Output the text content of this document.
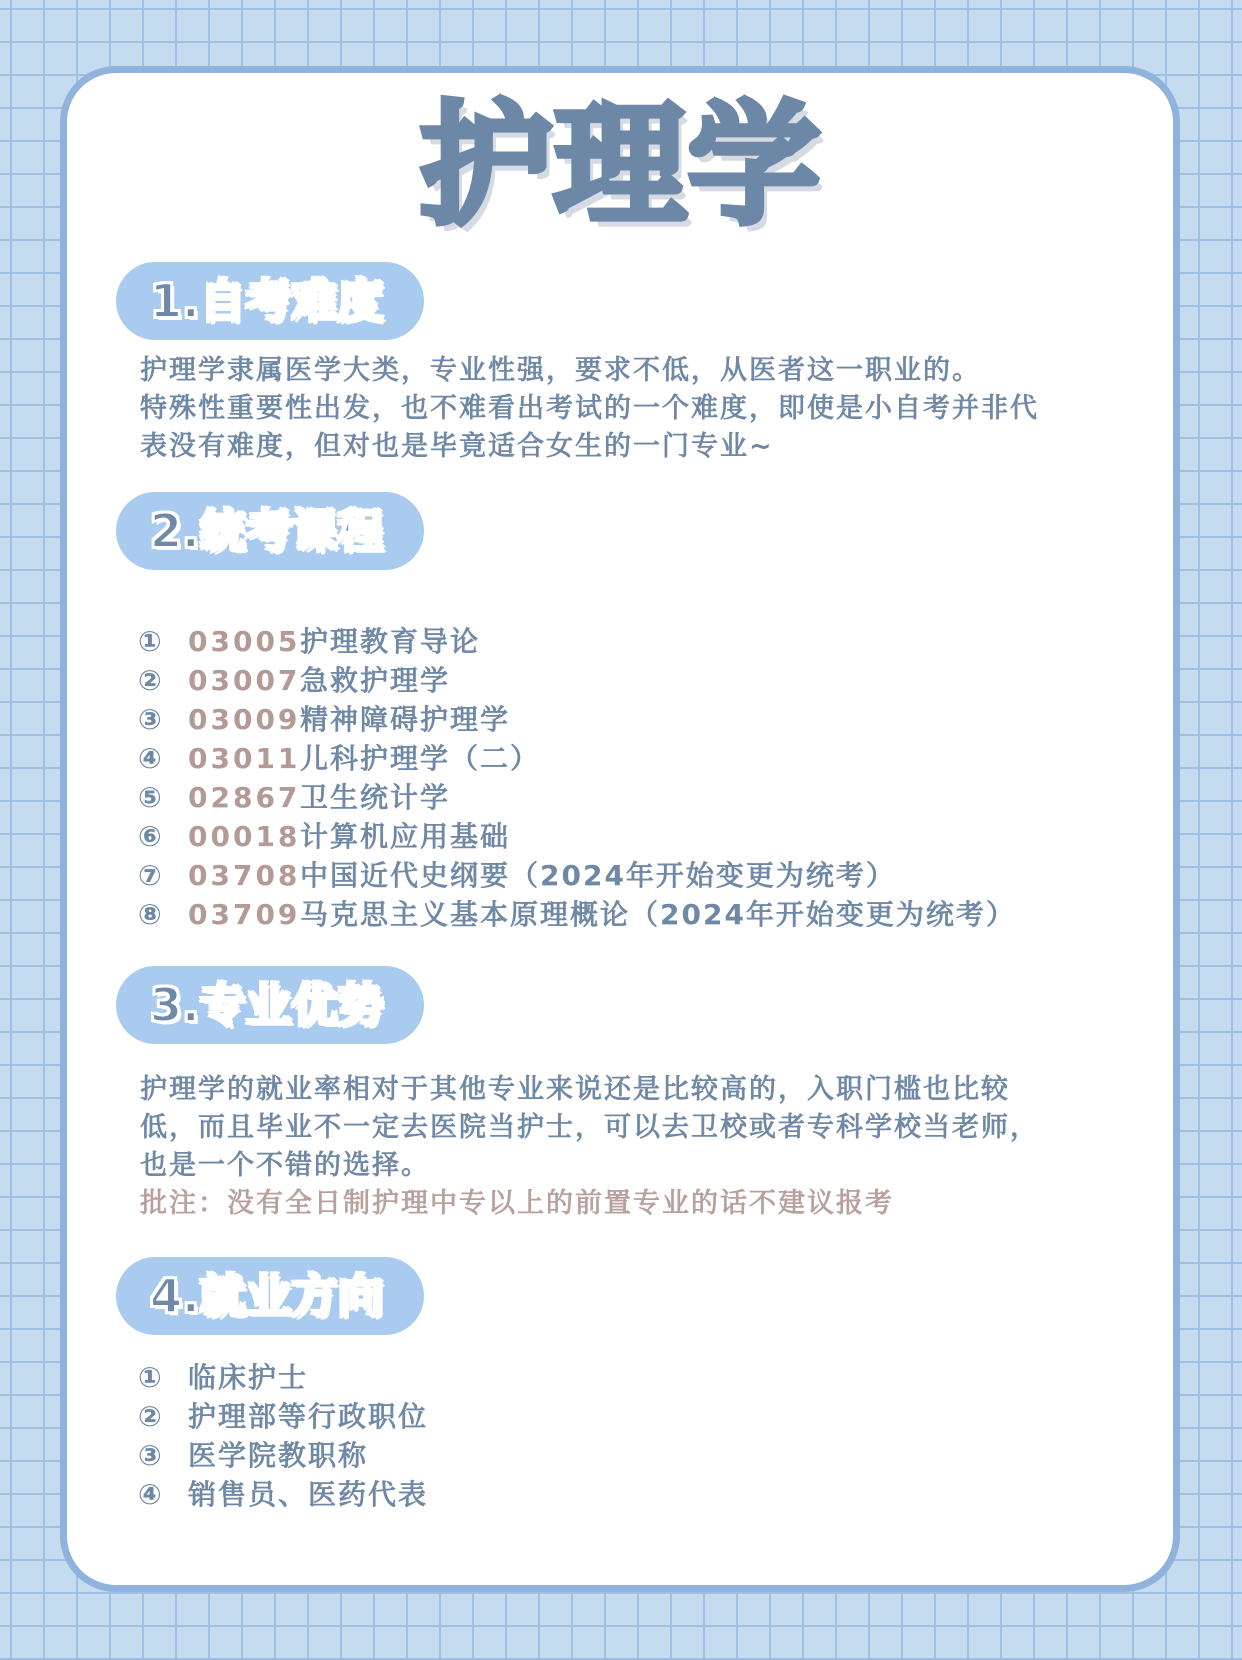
护理学
1.自考难度
护理学隶属医学大类，专业性强，要求不低，从医者这一职业的。
特殊性重要性出发，也不难看出考试的一个难度，即使是小自考并非代
表没有难度，但对也是毕竟适合女生的一门专业~
2.统考课程
① 03005护理教育导论
② 03007急救护理学
③ 03009精神障碍护理学
④ 03011儿科护理学（二）
⑤ 02867卫生统计学
⑥ 00018计算机应用基础
⑦ 03708中国近代史纲要（2024年开始变更为统考）
⑧ 03709马克思主义基本原理概论（2024年开始变更为统考）
3.专业优势
护理学的就业率相对于其他专业来说还是比较高的，入职门槛也比较
低，而且毕业不一定去医院当护士，可以去卫校或者专科学校当老师，
也是一个不错的选择。
批注：没有全日制护理中专以上的前置专业的话不建议报考
4.就业方向
① 临床护士
② 护理部等行政职位
③ 医学院教职称
④ 销售员、医药代表
